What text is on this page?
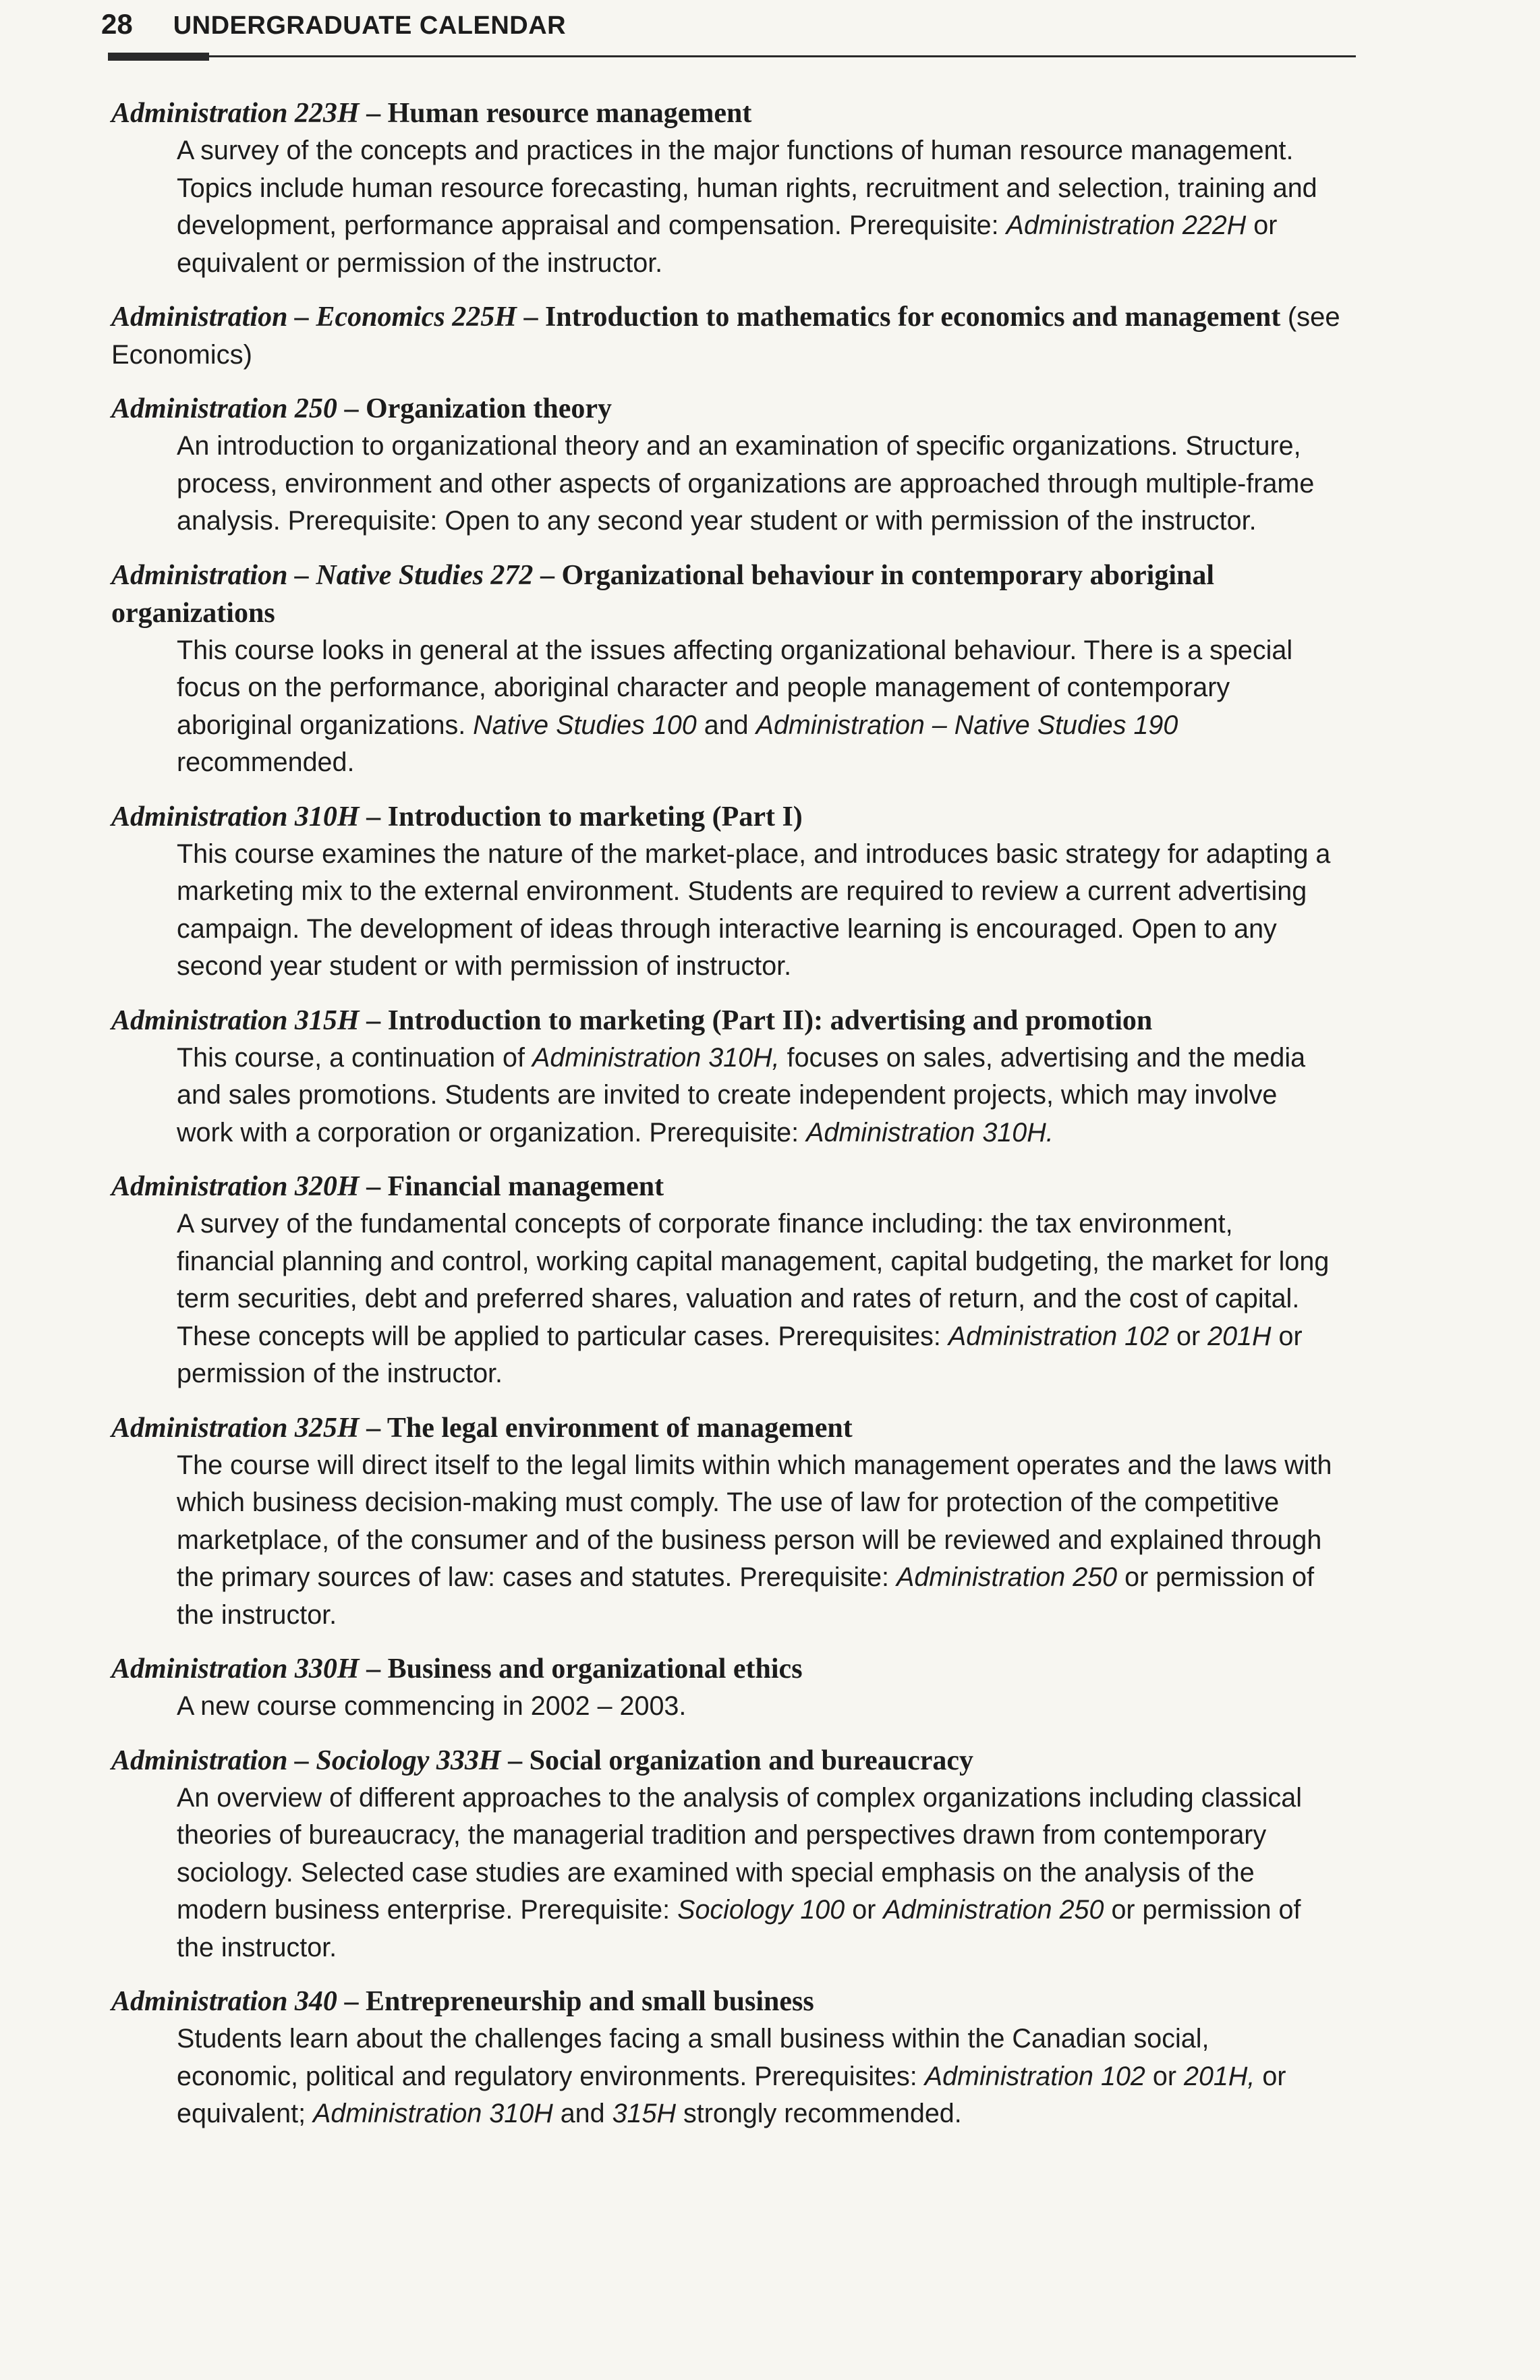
28 UNDERGRADUATE CALENDAR

Administration 223H – Human resource management

A survey of the concepts and practices in the major functions of human resource management. Topics include human resource forecasting, human rights, recruitment and selection, training and development, performance appraisal and compensation. Prerequisite: Administration 222H or equivalent or permission of the instructor.

Administration – Economics 225H – Introduction to mathematics for economics and management (see Economics)

Administration 250 – Organization theory

An introduction to organizational theory and an examination of specific organizations. Structure, process, environment and other aspects of organizations are approached through multiple-frame analysis. Prerequisite: Open to any second year student or with permission of the instructor.

Administration – Native Studies 272 – Organizational behaviour in contemporary aboriginal organizations

This course looks in general at the issues affecting organizational behaviour. There is a special focus on the performance, aboriginal character and people management of contemporary aboriginal organizations. Native Studies 100 and Administration – Native Studies 190 recommended.

Administration 310H – Introduction to marketing (Part I)

This course examines the nature of the market-place, and introduces basic strategy for adapting a marketing mix to the external environment. Students are required to review a current advertising campaign. The development of ideas through interactive learning is encouraged. Open to any second year student or with permission of instructor.

Administration 315H – Introduction to marketing (Part II): advertising and promotion

This course, a continuation of Administration 310H, focuses on sales, advertising and the media and sales promotions. Students are invited to create independent projects, which may involve work with a corporation or organization. Prerequisite: Administration 310H.

Administration 320H – Financial management

A survey of the fundamental concepts of corporate finance including: the tax environment, financial planning and control, working capital management, capital budgeting, the market for long term securities, debt and preferred shares, valuation and rates of return, and the cost of capital. These concepts will be applied to particular cases. Prerequisites: Administration 102 or 201H or permission of the instructor.

Administration 325H – The legal environment of management

The course will direct itself to the legal limits within which management operates and the laws with which business decision-making must comply. The use of law for protection of the competitive marketplace, of the consumer and of the business person will be reviewed and explained through the primary sources of law: cases and statutes. Prerequisite: Administration 250 or permission of the instructor.

Administration 330H – Business and organizational ethics

A new course commencing in 2002 – 2003.

Administration – Sociology 333H – Social organization and bureaucracy

An overview of different approaches to the analysis of complex organizations including classical theories of bureaucracy, the managerial tradition and perspectives drawn from contemporary sociology. Selected case studies are examined with special emphasis on the analysis of the modern business enterprise. Prerequisite: Sociology 100 or Administration 250 or permission of the instructor.

Administration 340 – Entrepreneurship and small business

Students learn about the challenges facing a small business within the Canadian social, economic, political and regulatory environments. Prerequisites: Administration 102 or 201H, or equivalent; Administration 310H and 315H strongly recommended.
